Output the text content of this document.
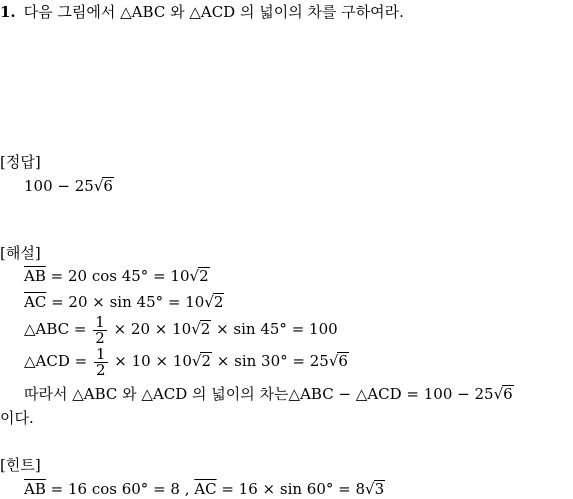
1. 다음 그림에서 △ABC 와 △ACD 의 넓이의 차를 구하여라.
[정답]
100 − 25√6
[해설]
$\overline{AB} = 20$ cos 45° = 10√2
$\overline{AC} = 20 \times \sin 45^\circ = 10√2$
△ABC = $\frac{1}{2} \times 20 \times 10√2 \times \sin 45^\circ = 100$
△ACD = $\frac{1}{2} \times 10 \times 10√2 \times \sin 30^\circ = 25√6$
따라서 △ABC 와 △ACD 의 넓이의 차는△ABC − △ACD = 100 − 25√6
이다.
[힌트]
$\overline{AB} = 16$ cos 60° = 8 , $\overline{AC} = 16 \times \sin 60^\circ = 8√3$
